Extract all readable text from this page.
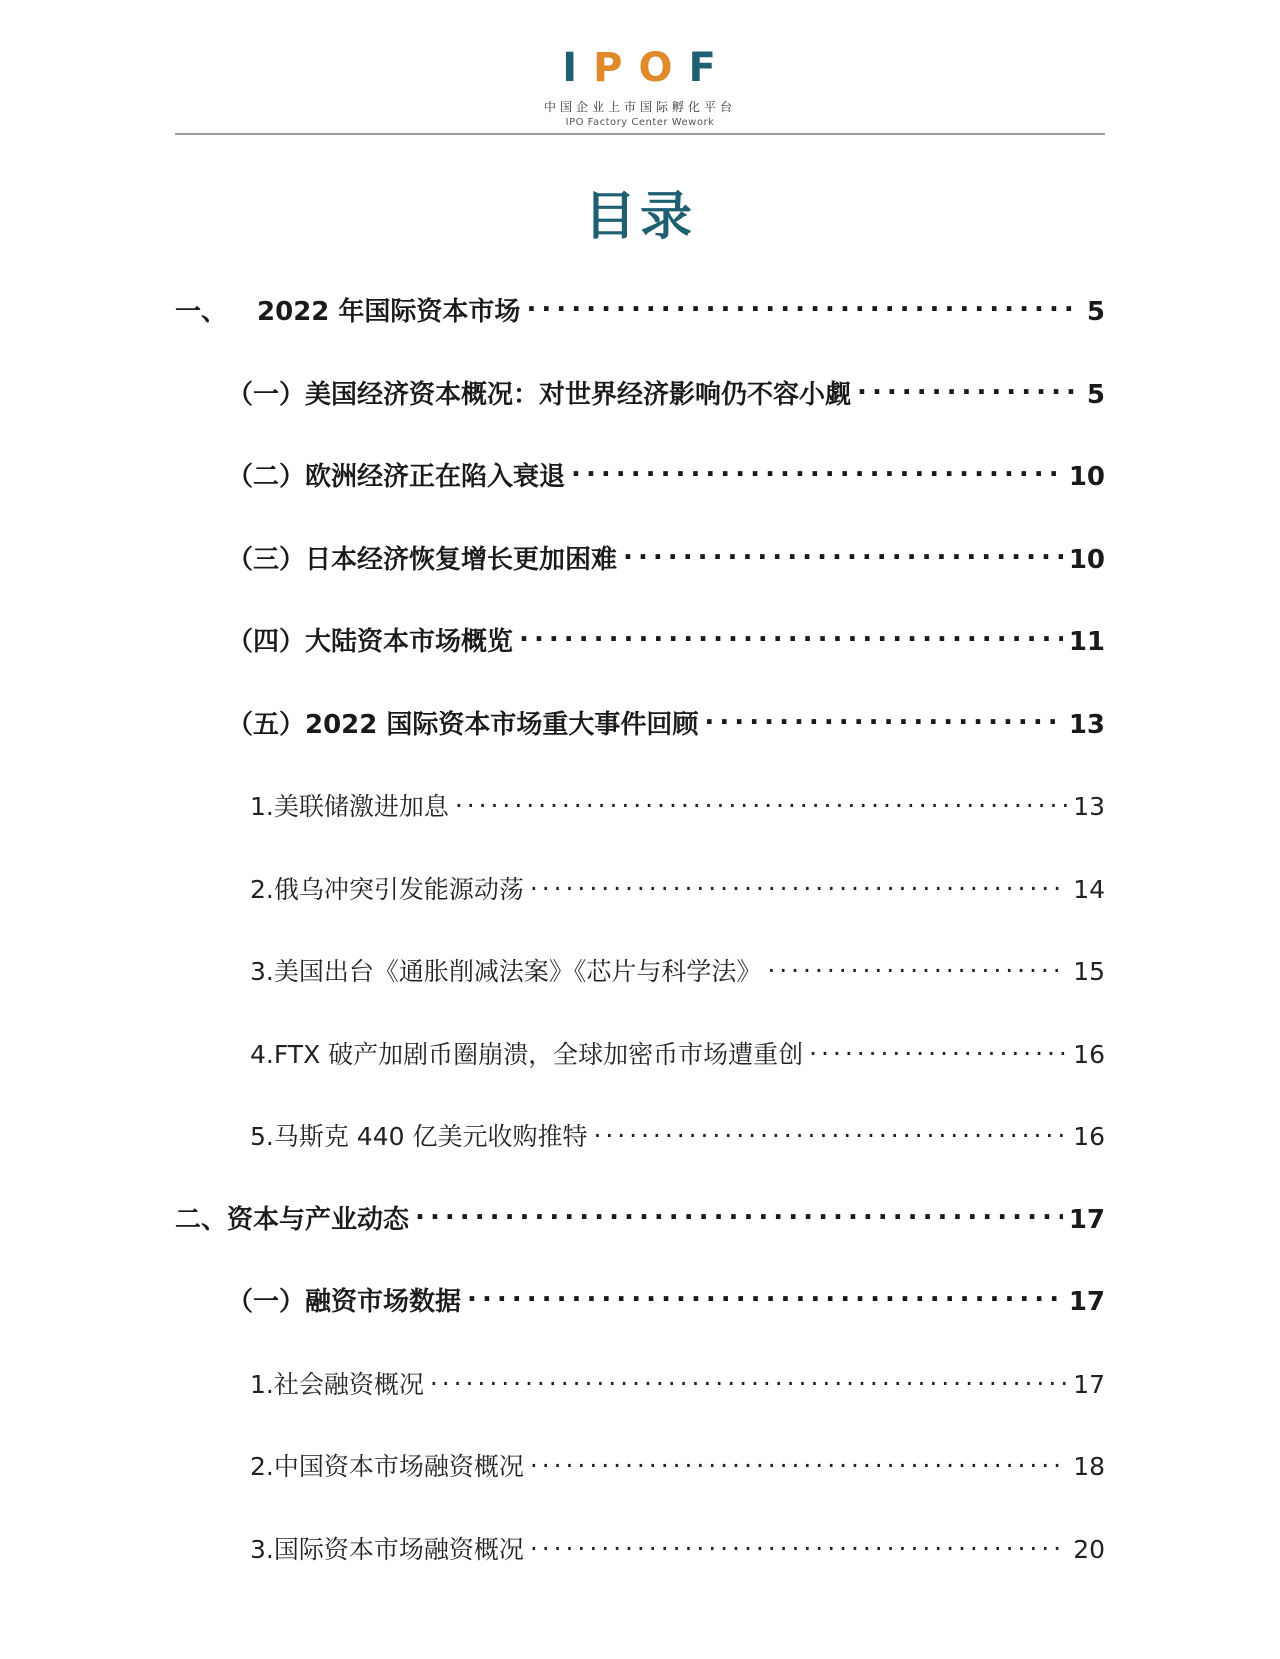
I P O F
中国企业上市国际孵化平台
IPO Factory Center Wework
目录
一、 2022 年国际资本市场 . . .	5
（一）美国经济资本概况：对世界经济影响仍不容小觑 . . .	5
（二）欧洲经济正在陷入衰退 . . .	10
（三）日本经济恢复增长更加困难 . . .	10
（四）大陆资本市场概览 . . .	11
（五）2022 国际资本市场重大事件回顾 . . .	13
1.美联储激进加息 . . .	13
2.俄乌冲突引发能源动荡 . . .	14
3.美国出台《通胀削减法案》《芯片与科学法》 . . .	15
4.FTX 破产加剧币圈崩溃，全球加密币市场遭重创 . . .	16
5.马斯克 440 亿美元收购推特 . . .	16
二、资本与产业动态 . . .	17
（一）融资市场数据 . . .	17
1.社会融资概况 . . .	17
2.中国资本市场融资概况 . . .	18
3.国际资本市场融资概况 . . .	20
